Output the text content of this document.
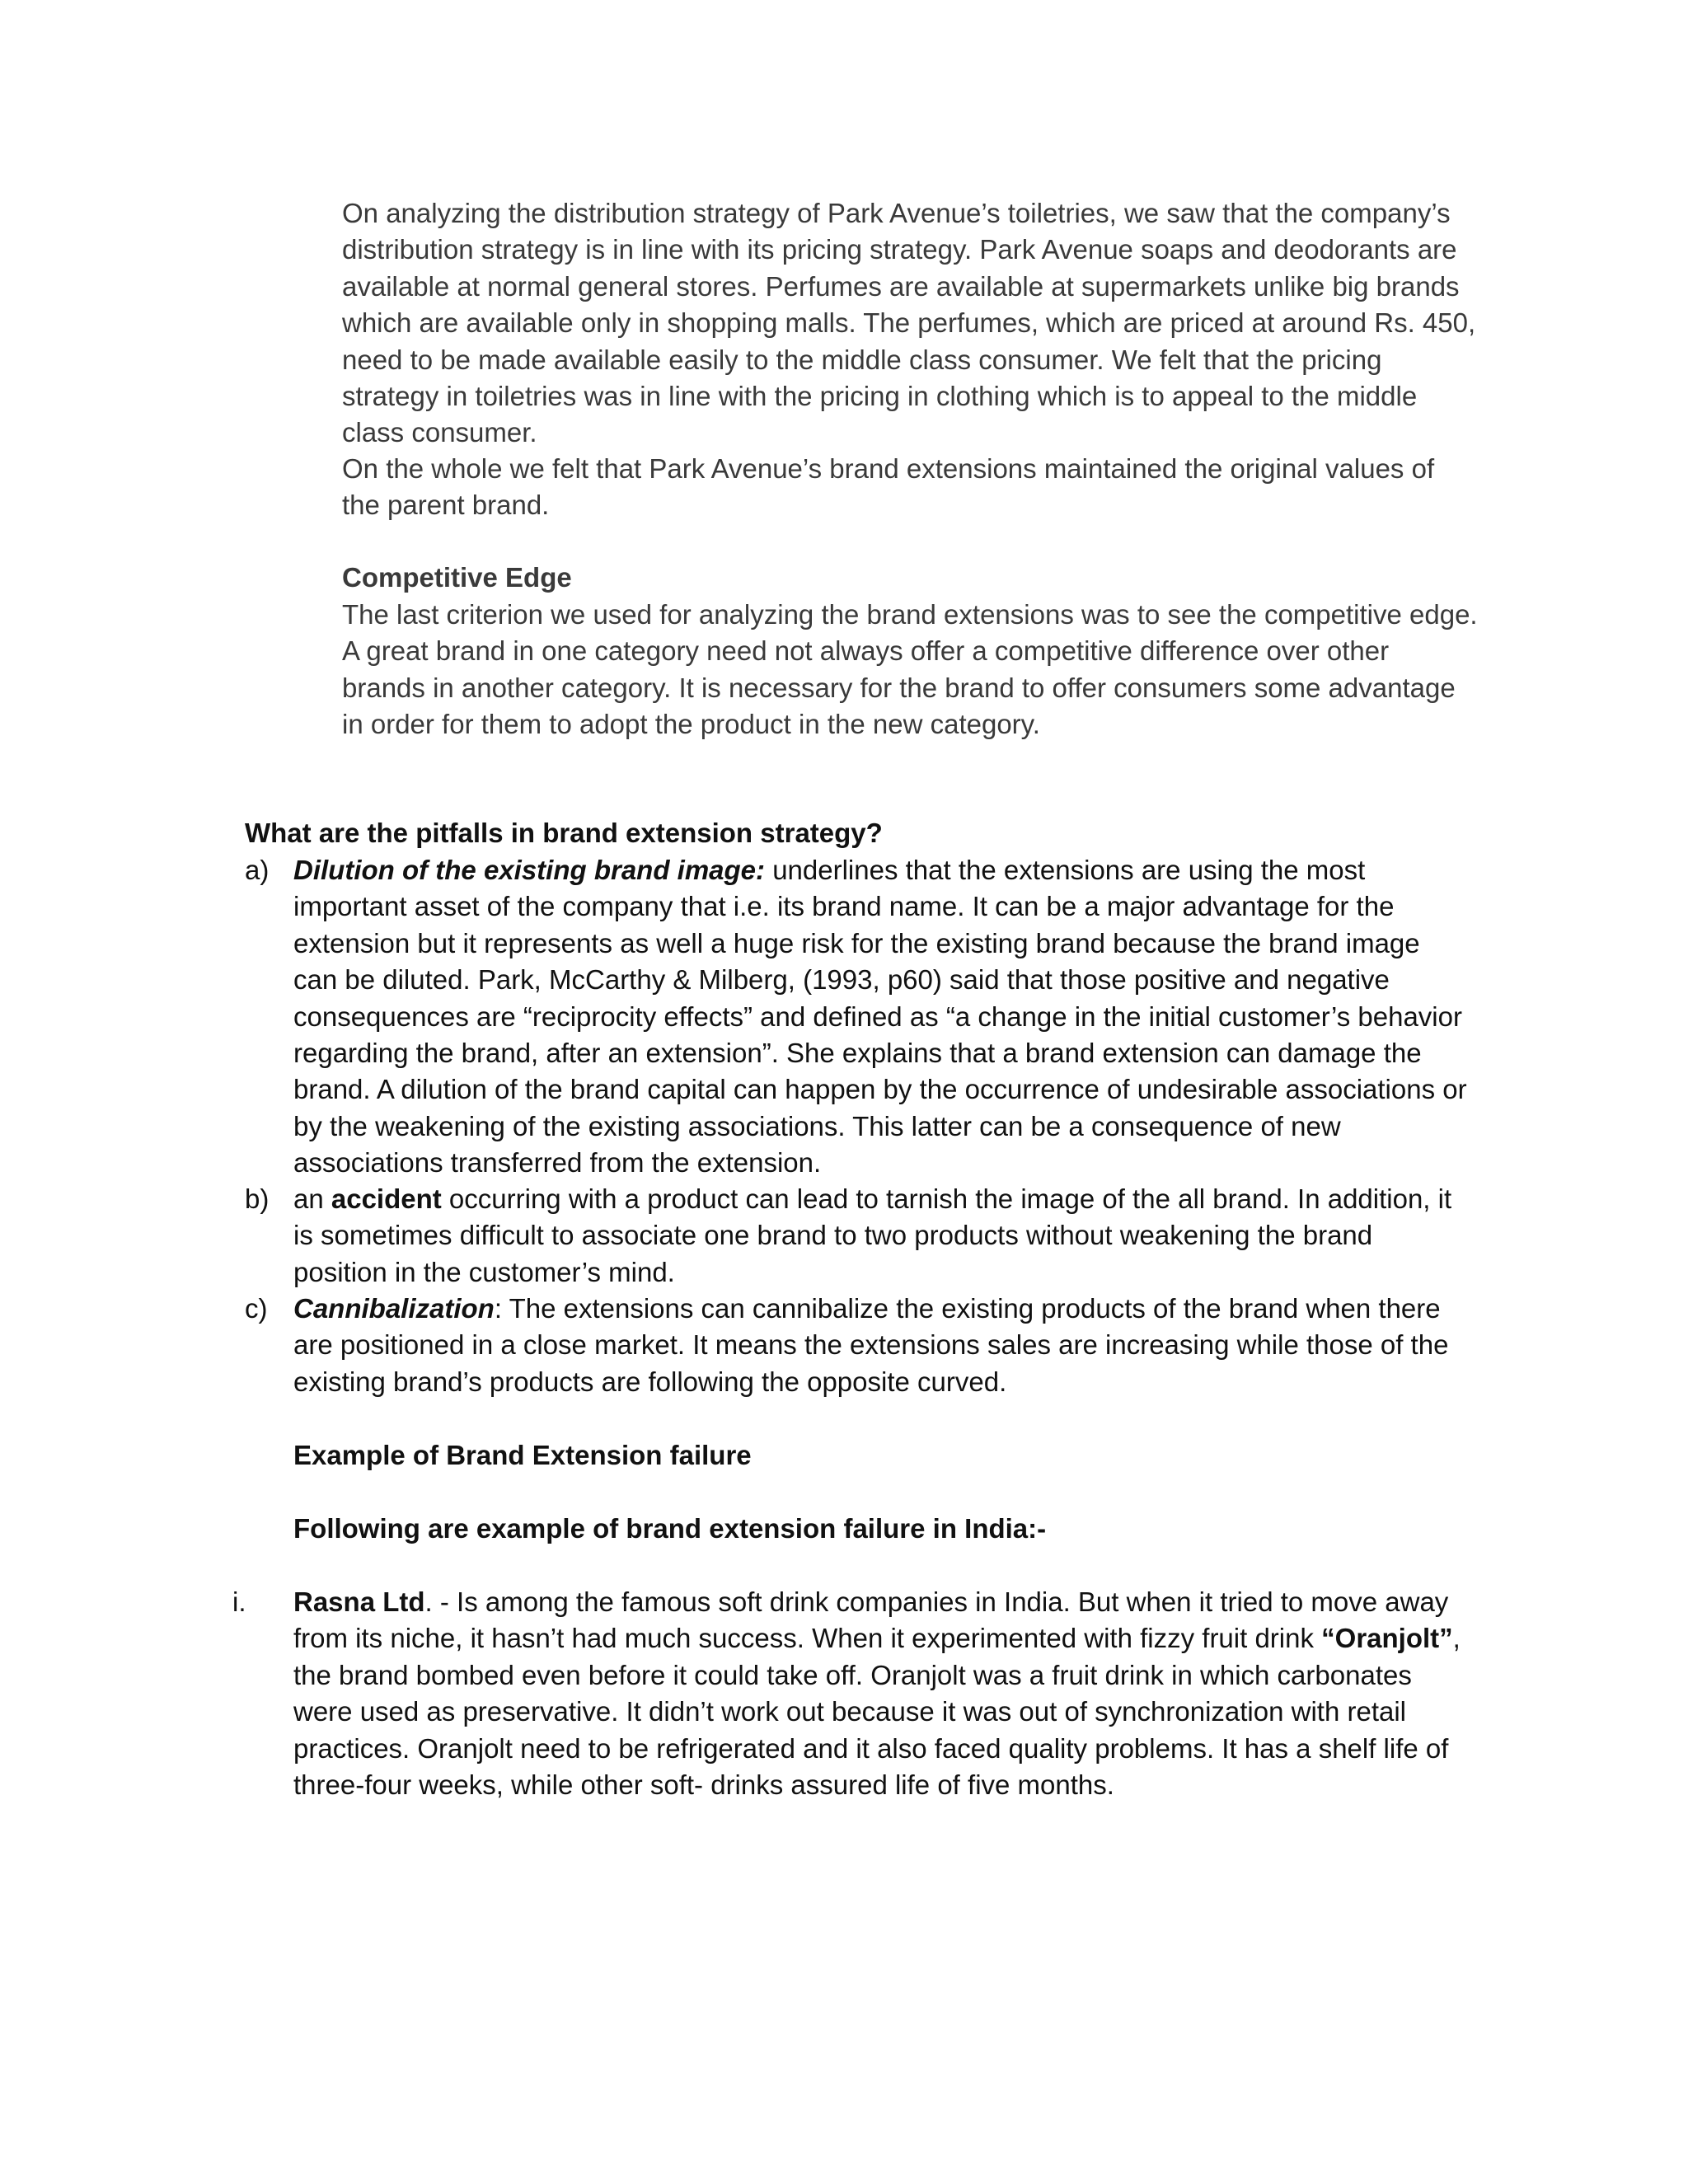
On analyzing the distribution strategy of Park Avenue’s toiletries, we saw that the company’s distribution strategy is in line with its pricing strategy. Park Avenue soaps and deodorants are available at normal general stores. Perfumes are available at supermarkets unlike big brands which are available only in shopping malls. The perfumes, which are priced at around Rs. 450, need to be made available easily to the middle class consumer. We felt that the pricing strategy in toiletries was in line with the pricing in clothing which is to appeal to the middle class consumer.

On the whole we felt that Park Avenue’s brand extensions maintained the original values of the parent brand.

Competitive Edge

The last criterion we used for analyzing the brand extensions was to see the competitive edge. A great brand in one category need not always offer a competitive difference over other brands in another category. It is necessary for the brand to offer consumers some advantage in order for them to adopt the product in the new category.

What are the pitfalls in brand extension strategy?

a) Dilution of the existing brand image: underlines that the extensions are using the most important asset of the company that i.e. its brand name. It can be a major advantage for the extension but it represents as well a huge risk for the existing brand because the brand image can be diluted. Park, McCarthy & Milberg, (1993, p60) said that those positive and negative consequences are “reciprocity effects” and defined as “a change in the initial customer’s behavior regarding the brand, after an extension”. She explains that a brand extension can damage the brand. A dilution of the brand capital can happen by the occurrence of undesirable associations or by the weakening of the existing associations. This latter can be a consequence of new associations transferred from the extension.

b) an accident occurring with a product can lead to tarnish the image of the all brand. In addition, it is sometimes difficult to associate one brand to two products without weakening the brand position in the customer’s mind.

c) Cannibalization: The extensions can cannibalize the existing products of the brand when there are positioned in a close market. It means the extensions sales are increasing while those of the existing brand’s products are following the opposite curved.

Example of Brand Extension failure

Following are example of brand extension failure in India:-

i. Rasna Ltd. - Is among the famous soft drink companies in India. But when it tried to move away from its niche, it hasn’t had much success. When it experimented with fizzy fruit drink “Oranjolt”, the brand bombed even before it could take off. Oranjolt was a fruit drink in which carbonates were used as preservative. It didn’t work out because it was out of synchronization with retail practices. Oranjolt need to be refrigerated and it also faced quality problems. It has a shelf life of three-four weeks, while other soft- drinks assured life of five months.
